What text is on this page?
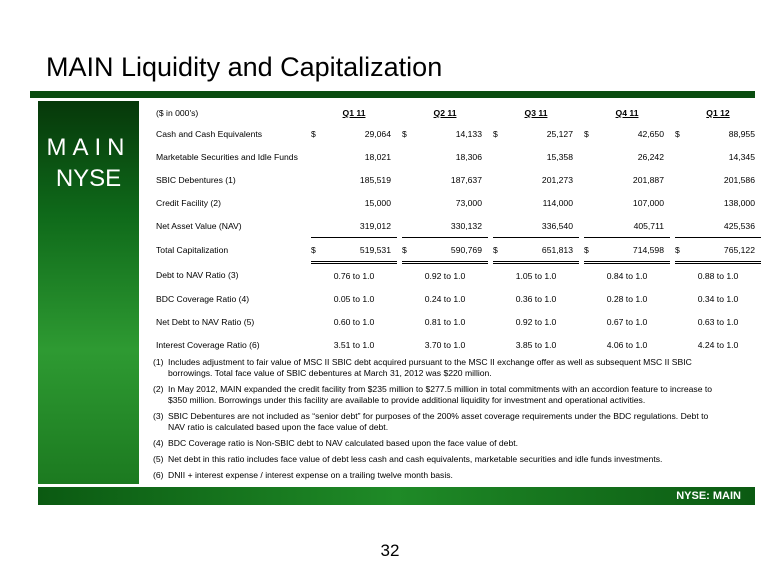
MAIN Liquidity and Capitalization
MAIN
NYSE
($ in 000's)		Q1 11			Q2 11			Q3 11			Q4 11			Q1 12	
Cash and Cash Equivalents		$	29,064		$	14,133		$	25,127		$	42,650		$	88,955
Marketable Securities and Idle Funds			18,021			18,306			15,358			26,242			14,345
SBIC Debentures (1)			185,519			187,637			201,273			201,887			201,586
Credit Facility (2)			15,000			73,000			114,000			107,000			138,000
Net Asset Value (NAV)			319,012			330,132			336,540			405,711			425,536
Total Capitalization		$	519,531		$	590,769		$	651,813		$	714,598		$	765,122
Debt to NAV Ratio (3)		0.76 to 1.0			0.92 to 1.0			1.05 to 1.0			0.84 to 1.0			0.88 to 1.0	
BDC Coverage Ratio (4)		0.05 to 1.0			0.24 to 1.0			0.36 to 1.0			0.28 to 1.0			0.34 to 1.0	
Net Debt to NAV Ratio (5)		0.60 to 1.0			0.81 to 1.0			0.92 to 1.0			0.67 to 1.0			0.63 to 1.0	
Interest Coverage Ratio (6)		3.51 to 1.0			3.70 to 1.0			3.85 to 1.0			4.06 to 1.0			4.24 to 1.0	
(1) Includes adjustment to fair value of MSC II SBIC debt acquired pursuant to the MSC II exchange offer as well as subsequent MSC II SBIC borrowings. Total face value of SBIC debentures at March 31, 2012 was $220 million.
(2) In May 2012, MAIN expanded the credit facility from $235 million to $277.5 million in total commitments with an accordion feature to increase to $350 million. Borrowings under this facility are available to provide additional liquidity for investment and operational activities.
(3) SBIC Debentures are not included as “senior debt” for purposes of the 200% asset coverage requirements under the BDC regulations. Debt to NAV ratio is calculated based upon the face value of debt.
(4) BDC Coverage ratio is Non-SBIC debt to NAV calculated based upon the face value of debt.
(5) Net debt in this ratio includes face value of debt less cash and cash equivalents, marketable securities and idle funds investments.
(6) DNII + interest expense / interest expense on a trailing twelve month basis.
NYSE: MAIN
32
